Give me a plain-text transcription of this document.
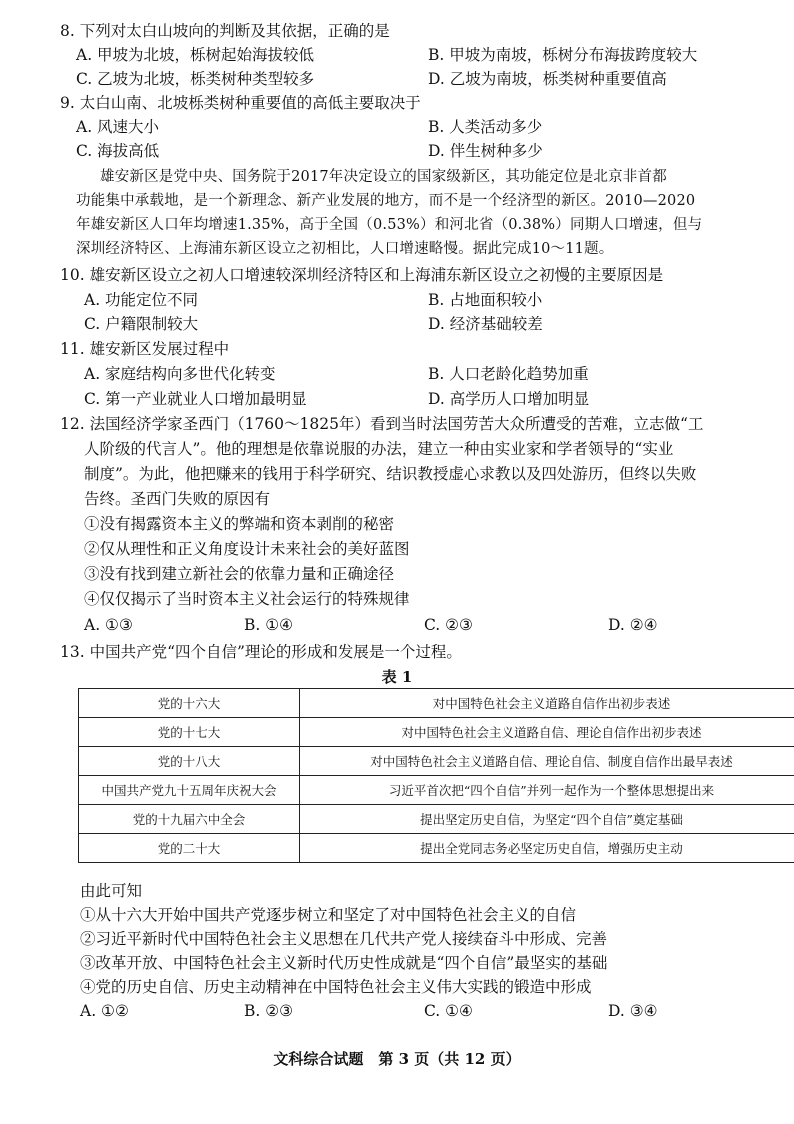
8. 下列对太白山坡向的判断及其依据，正确的是
A. 甲坡为北坡，栎树起始海拔较低	B. 甲坡为南坡，栎树分布海拔跨度较大
C. 乙坡为北坡，栎类树种类型较多	D. 乙坡为南坡，栎类树种重要值高
9. 太白山南、北坡栎类树种重要值的高低主要取决于
A. 风速大小	B. 人类活动多少
C. 海拔高低	D. 伴生树种多少
雄安新区是党中央、国务院于2017年决定设立的国家级新区，其功能定位是北京非首都
功能集中承载地，是一个新理念、新产业发展的地方，而不是一个经济型的新区。2010—2020
年雄安新区人口年均增速1.35%，高于全国（0.53%）和河北省（0.38%）同期人口增速，但与
深圳经济特区、上海浦东新区设立之初相比，人口增速略慢。据此完成10～11题。
10. 雄安新区设立之初人口增速较深圳经济特区和上海浦东新区设立之初慢的主要原因是
A. 功能定位不同	B. 占地面积较小
C. 户籍限制较大	D. 经济基础较差
11. 雄安新区发展过程中
A. 家庭结构向多世代化转变	B. 人口老龄化趋势加重
C. 第一产业就业人口增加最明显	D. 高学历人口增加明显
12. 法国经济学家圣西门（1760～1825年）看到当时法国劳苦大众所遭受的苦难，立志做“工
人阶级的代言人”。他的理想是依靠说服的办法，建立一种由实业家和学者领导的“实业
制度”。为此，他把赚来的钱用于科学研究、结识教授虚心求教以及四处游历，但终以失败
告终。圣西门失败的原因有
①没有揭露资本主义的弊端和资本剥削的秘密
②仅从理性和正义角度设计未来社会的美好蓝图
③没有找到建立新社会的依靠力量和正确途径
④仅仅揭示了当时资本主义社会运行的特殊规律
A. ①③	B. ①④	C. ②③	D. ②④
13. 中国共产党“四个自信”理论的形成和发展是一个过程。
表 1
党的十六大	对中国特色社会主义道路自信作出初步表述
党的十七大	对中国特色社会主义道路自信、理论自信作出初步表述
党的十八大	对中国特色社会主义道路自信、理论自信、制度自信作出最早表述
中国共产党九十五周年庆祝大会	习近平首次把“四个自信”并列一起作为一个整体思想提出来
党的十九届六中全会	提出坚定历史自信，为坚定“四个自信”奠定基础
党的二十大	提出全党同志务必坚定历史自信，增强历史主动
由此可知
①从十六大开始中国共产党逐步树立和坚定了对中国特色社会主义的自信
②习近平新时代中国特色社会主义思想在几代共产党人接续奋斗中形成、完善
③改革开放、中国特色社会主义新时代历史性成就是“四个自信”最坚实的基础
④党的历史自信、历史主动精神在中国特色社会主义伟大实践的锻造中形成
A. ①②	B. ②③	C. ①④	D. ③④
文科综合试题　第 3 页（共 12 页）
